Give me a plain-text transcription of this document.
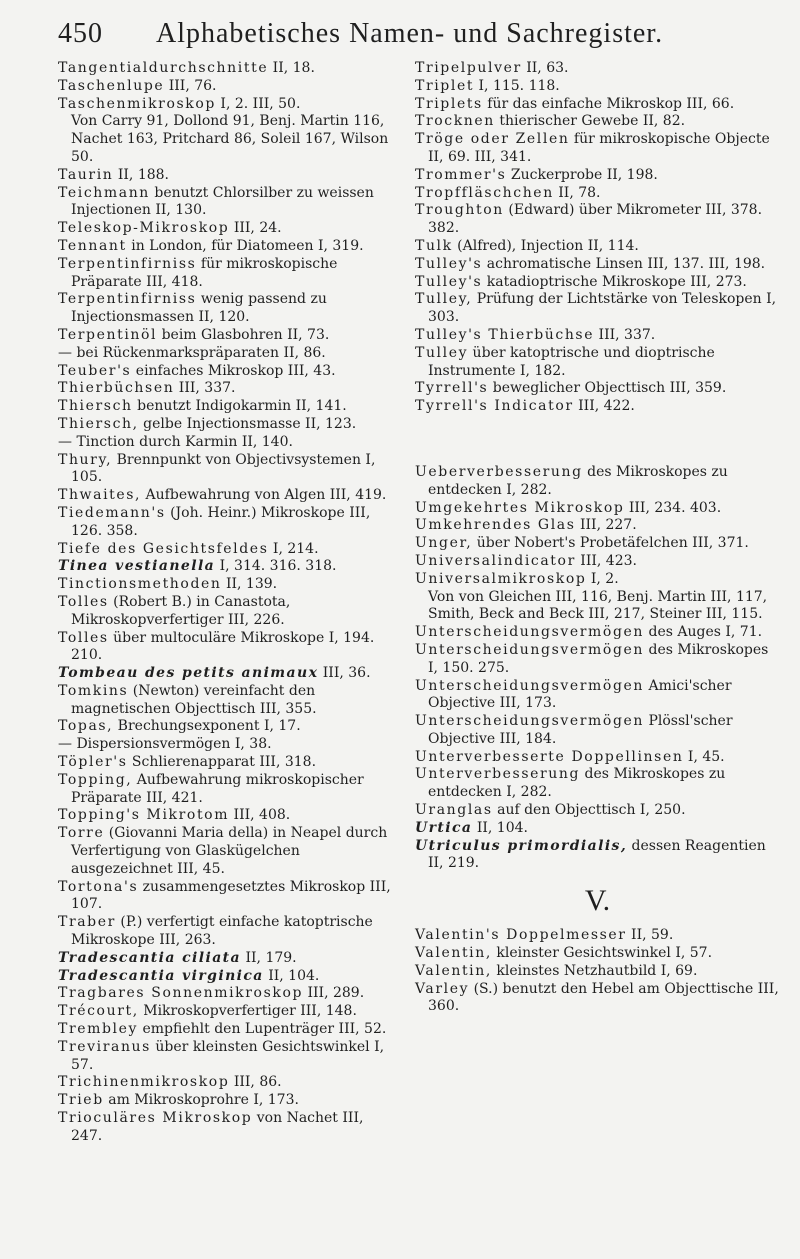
450 Alphabetisches Namen- und Sachregister.

Tangentialdurchschnitte II, 18.

Taschenlupe III, 76.

Taschenmikroskop I, 2. III, 50.

Von Carry 91, Dollond 91, Benj. Martin 116, Nachet 163, Pritchard 86, Soleil 167, Wilson 50.

Taurin II, 188.

Teichmann benutzt Chlorsilber zu weissen Injectionen II, 130.

Teleskop-Mikroskop III, 24.

Tennant in London, für Diatomeen I, 319.

Terpentinfirniss für mikroskopische Präparate III, 418.

Terpentinfirniss wenig passend zu Injectionsmassen II, 120.

Terpentinöl beim Glasbohren II, 73.

— bei Rückenmarkspräparaten II, 86.

Teuber's einfaches Mikroskop III, 43.

Thierbüchsen III, 337.

Thiersch benutzt Indigokarmin II, 141.

Thiersch, gelbe Injectionsmasse II, 123.

— Tinction durch Karmin II, 140.

Thury, Brennpunkt von Objectivsystemen I, 105.

Thwaites, Aufbewahrung von Algen III, 419.

Tiedemann's (Joh. Heinr.) Mikroskope III, 126. 358.

Tiefe des Gesichtsfeldes I, 214.

Tinea vestianella I, 314. 316. 318.

Tinctionsmethoden II, 139.

Tolles (Robert B.) in Canastota, Mikroskopverfertiger III, 226.

Tolles über multoculäre Mikroskope I, 194. 210.

Tombeau des petits animaux III, 36.

Tomkins (Newton) vereinfacht den magnetischen Objecttisch III, 355.

Topas, Brechungsexponent I, 17.

— Dispersionsvermögen I, 38.

Töpler's Schlierenapparat III, 318.

Topping, Aufbewahrung mikroskopischer Präparate III, 421.

Topping's Mikrotom III, 408.

Torre (Giovanni Maria della) in Neapel durch Verfertigung von Glaskügelchen ausgezeichnet III, 45.

Tortona's zusammengesetztes Mikroskop III, 107.

Traber (P.) verfertigt einfache katoptrische Mikroskope III, 263.

Tradescantia ciliata II, 179.

Tradescantia virginica II, 104.

Tragbares Sonnenmikroskop III, 289.

Trécourt, Mikroskopverfertiger III, 148.

Trembley empfiehlt den Lupenträger III, 52.

Treviranus über kleinsten Gesichtswinkel I, 57.

Trichinenmikroskop III, 86.

Trieb am Mikroskoprohre I, 173.

Trioculäres Mikroskop von Nachet III, 247.

Tripelpulver II, 63.

Triplet I, 115. 118.

Triplets für das einfache Mikroskop III, 66.

Trocknen thierischer Gewebe II, 82.

Tröge oder Zellen für mikroskopische Objecte II, 69. III, 341.

Trommer's Zuckerprobe II, 198.

Tropffläschchen II, 78.

Troughton (Edward) über Mikrometer III, 378. 382.

Tulk (Alfred), Injection II, 114.

Tulley's achromatische Linsen III, 137. III, 198.

Tulley's katadioptrische Mikroskope III, 273.

Tulley, Prüfung der Lichtstärke von Teleskopen I, 303.

Tulley's Thierbüchse III, 337.

Tulley über katoptrische und dioptrische Instrumente I, 182.

Tyrrell's beweglicher Objecttisch III, 359.

Tyrrell's Indicator III, 422.

Ueberverbesserung des Mikroskopes zu entdecken I, 282.

Umgekehrtes Mikroskop III, 234. 403.

Umkehrendes Glas III, 227.

Unger, über Nobert's Probetäfelchen III, 371.

Universalindicator III, 423.

Universalmikroskop I, 2.

Von von Gleichen III, 116, Benj. Martin III, 117, Smith, Beck and Beck III, 217, Steiner III, 115.

Unterscheidungsvermögen des Auges I, 71.

Unterscheidungsvermögen des Mikroskopes I, 150. 275.

Unterscheidungsvermögen Amici'scher Objective III, 173.

Unterscheidungsvermögen Plössl'scher Objective III, 184.

Unterverbesserte Doppellinsen I, 45.

Unterverbesserung des Mikroskopes zu entdecken I, 282.

Uranglas auf den Objecttisch I, 250.

Urtica II, 104.

Utriculus primordialis, dessen Reagentien II, 219.

V.

Valentin's Doppelmesser II, 59.

Valentin, kleinster Gesichtswinkel I, 57.

Valentin, kleinstes Netzhautbild I, 69.

Varley (S.) benutzt den Hebel am Objecttische III, 360.
